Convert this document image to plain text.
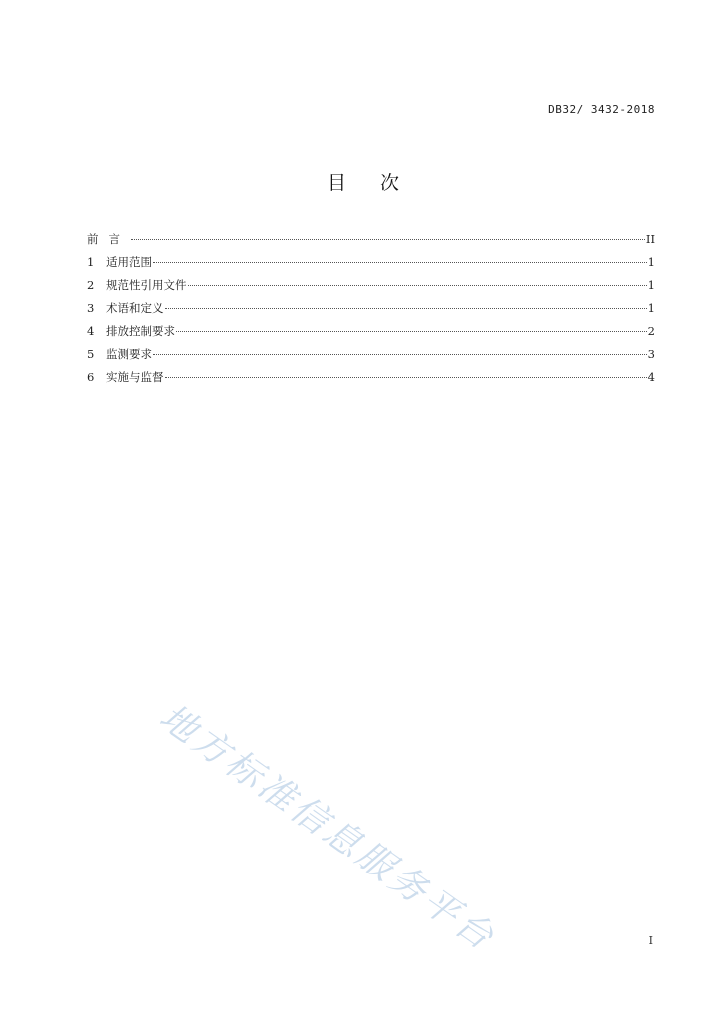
DB32/ 3432-2018
目 次
前言	II
1	适用范围	1
2	规范性引用文件	1
3	术语和定义	1
4	排放控制要求	2
5	监测要求	3
6	实施与监督	4
地方标准信息服务平台	I
